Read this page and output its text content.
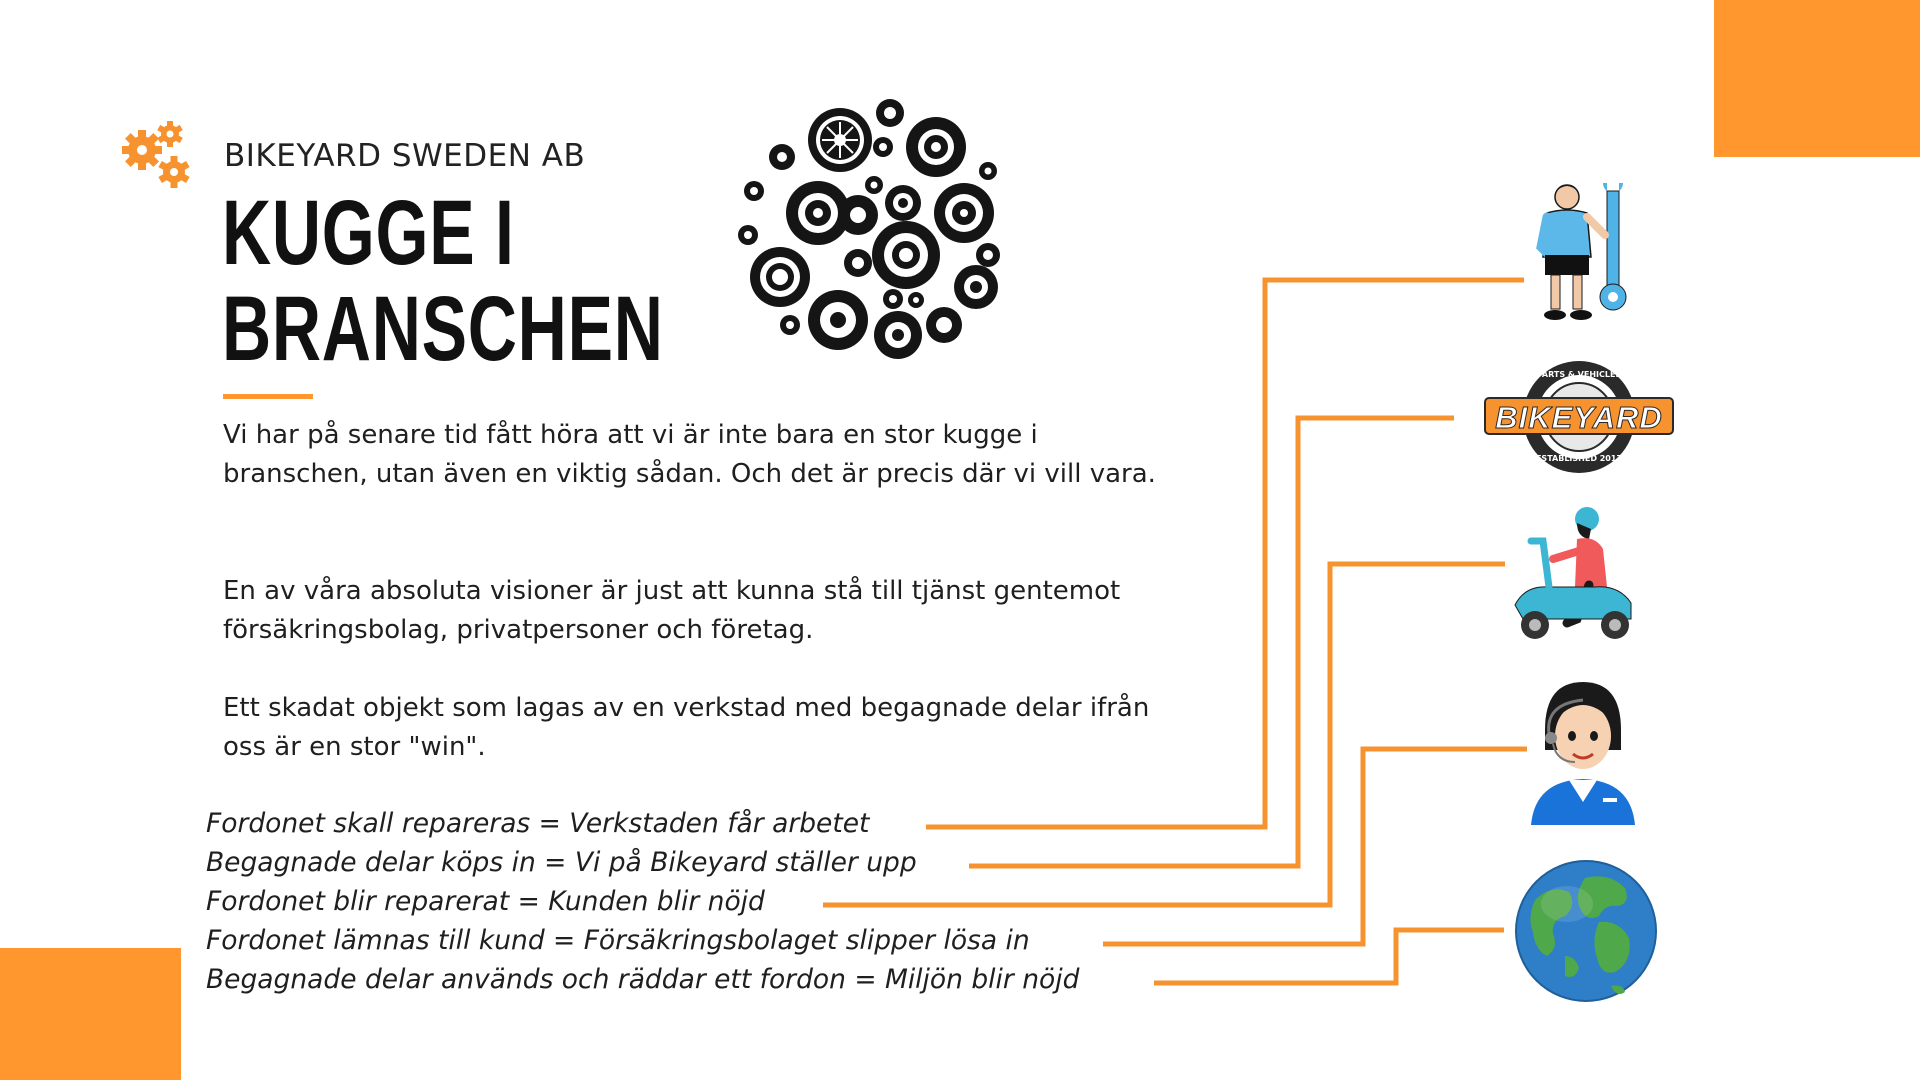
BIKEYARD SWEDEN AB
KUGGE I
BRANSCHEN
Vi har på senare tid fått höra att vi är inte bara en stor kugge i branschen, utan även en viktig sådan. Och det är precis där vi vill vara.
En av våra absoluta visioner är just att kunna stå till tjänst gentemot försäkringsbolag, privatpersoner och företag.
Ett skadat objekt som lagas av en verkstad med begagnade delar ifrån oss är en stor "win".
Fordonet skall repareras = Verkstaden får arbetet
Begagnade delar köps in = Vi på Bikeyard ställer upp
Fordonet blir reparerat = Kunden blir nöjd
Fordonet lämnas till kund = Försäkringsbolaget slipper lösa in
Begagnade delar används och räddar ett fordon = Miljön blir nöjd
PARTS & VEHICLES
BIKEYARD
ESTABLISHED 2017
